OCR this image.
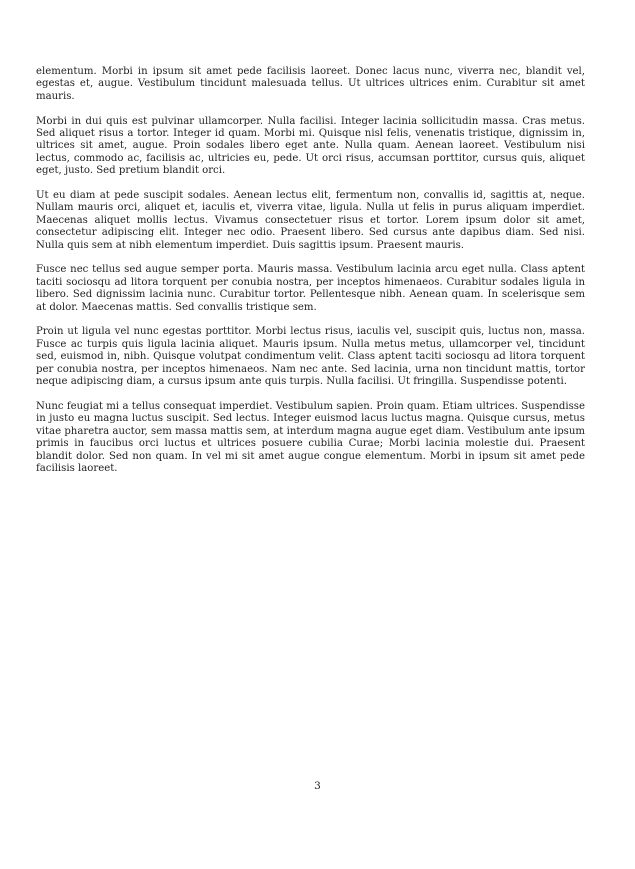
elementum. Morbi in ipsum sit amet pede facilisis laoreet. Donec lacus nunc, viverra nec, blandit vel, egestas et, augue. Vestibulum tincidunt malesuada tellus. Ut ultrices ultrices enim. Curabitur sit amet mauris.

Morbi in dui quis est pulvinar ullamcorper. Nulla facilisi. Integer lacinia sollicitudin massa. Cras metus. Sed aliquet risus a tortor. Integer id quam. Morbi mi. Quisque nisl felis, venenatis tristique, dignissim in, ultrices sit amet, augue. Proin sodales libero eget ante. Nulla quam. Aenean laoreet. Vestibulum nisi lectus, commodo ac, facilisis ac, ultricies eu, pede. Ut orci risus, accumsan porttitor, cursus quis, aliquet eget, justo. Sed pretium blandit orci.

Ut eu diam at pede suscipit sodales. Aenean lectus elit, fermentum non, convallis id, sagittis at, neque. Nullam mauris orci, aliquet et, iaculis et, viverra vitae, ligula. Nulla ut felis in purus aliquam imperdiet. Maecenas aliquet mollis lectus. Vivamus consectetuer risus et tortor. Lorem ipsum dolor sit amet, consectetur adipiscing elit. Integer nec odio. Praesent libero. Sed cursus ante dapibus diam. Sed nisi. Nulla quis sem at nibh elementum imperdiet. Duis sagittis ipsum. Praesent mauris.

Fusce nec tellus sed augue semper porta. Mauris massa. Vestibulum lacinia arcu eget nulla. Class aptent taciti sociosqu ad litora torquent per conubia nostra, per inceptos himenaeos. Curabitur sodales ligula in libero. Sed dignissim lacinia nunc. Curabitur tortor. Pellentesque nibh. Aenean quam. In scelerisque sem at dolor. Maecenas mattis. Sed convallis tristique sem.

Proin ut ligula vel nunc egestas porttitor. Morbi lectus risus, iaculis vel, suscipit quis, luctus non, massa. Fusce ac turpis quis ligula lacinia aliquet. Mauris ipsum. Nulla metus metus, ullamcorper vel, tincidunt sed, euismod in, nibh. Quisque volutpat condimentum velit. Class aptent taciti sociosqu ad litora torquent per conubia nostra, per inceptos himenaeos. Nam nec ante. Sed lacinia, urna non tincidunt mattis, tortor neque adipiscing diam, a cursus ipsum ante quis turpis. Nulla facilisi. Ut fringilla. Suspendisse potenti.

Nunc feugiat mi a tellus consequat imperdiet. Vestibulum sapien. Proin quam. Etiam ultrices. Suspendisse in justo eu magna luctus suscipit. Sed lectus. Integer euismod lacus luctus magna. Quisque cursus, metus vitae pharetra auctor, sem massa mattis sem, at interdum magna augue eget diam. Vestibulum ante ipsum primis in faucibus orci luctus et ultrices posuere cubilia Curae; Morbi lacinia molestie dui. Praesent blandit dolor. Sed non quam. In vel mi sit amet augue congue elementum. Morbi in ipsum sit amet pede facilisis laoreet.

3
